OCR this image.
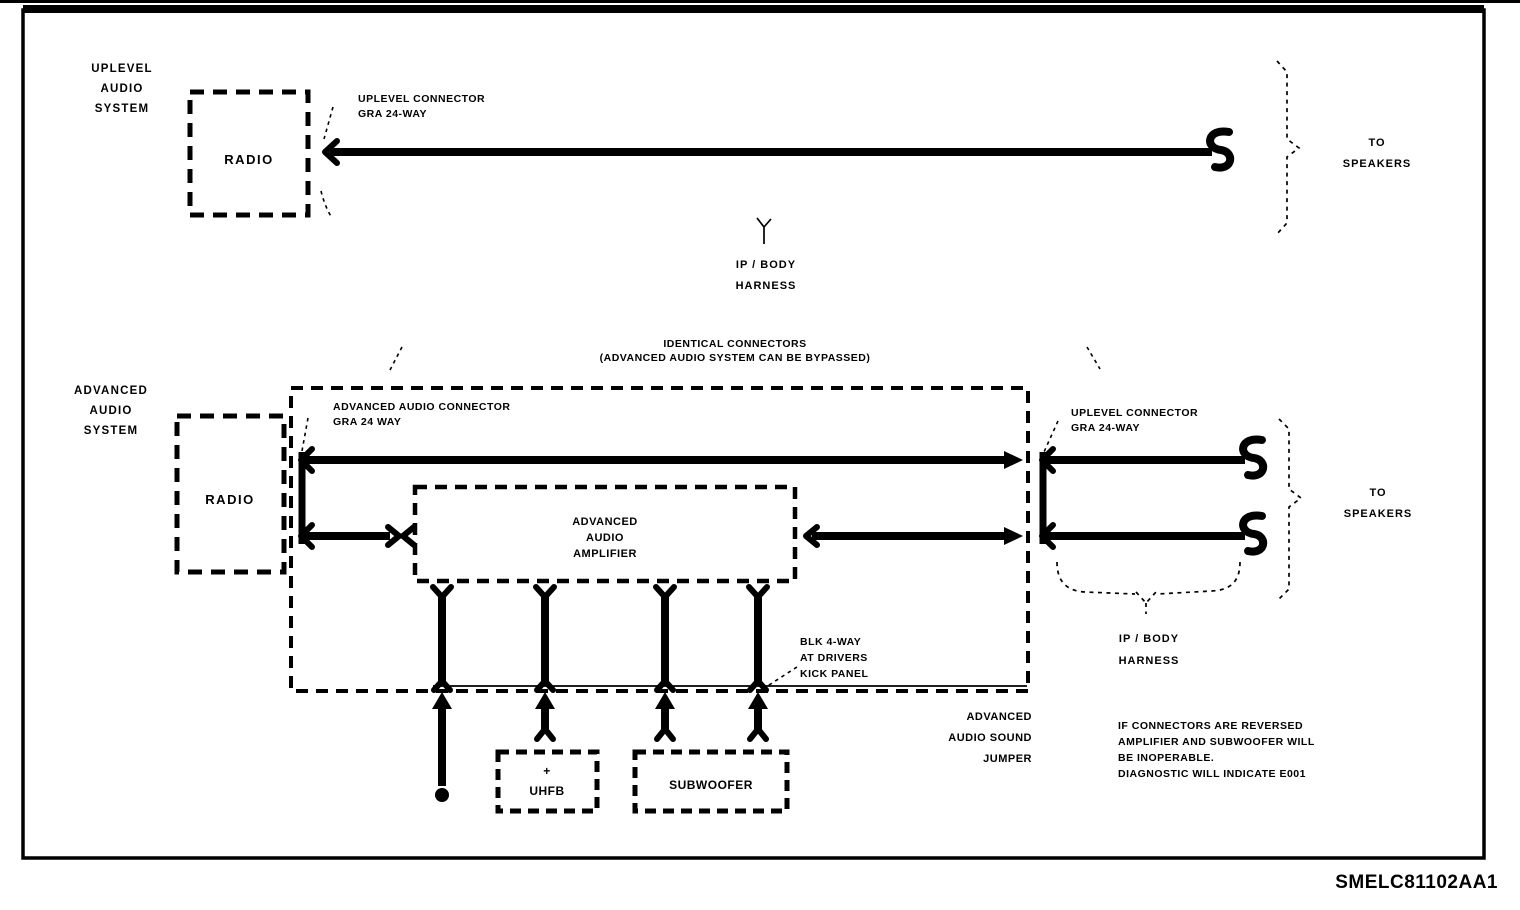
UPLEVEL
AUDIO
SYSTEM
RADIO
UPLEVEL CONNECTOR
GRA 24-WAY
TO
SPEAKERS
IP / BODY
HARNESS
IDENTICAL CONNECTORS
(ADVANCED AUDIO SYSTEM CAN BE BYPASSED)
ADVANCED
AUDIO
SYSTEM
RADIO
ADVANCED AUDIO CONNECTOR
GRA 24 WAY
ADVANCED
AUDIO
AMPLIFIER
UPLEVEL CONNECTOR
GRA 24-WAY
TO
SPEAKERS
IP / BODY
HARNESS
+
UHFB	SUBWOOFER
BLK 4-WAY
AT DRIVERS
KICK PANEL
ADVANCED
AUDIO SOUND
JUMPER
IF CONNECTORS ARE REVERSED
AMPLIFIER AND SUBWOOFER WILL
BE INOPERABLE.
DIAGNOSTIC WILL INDICATE E001
SMELC81102AA1
